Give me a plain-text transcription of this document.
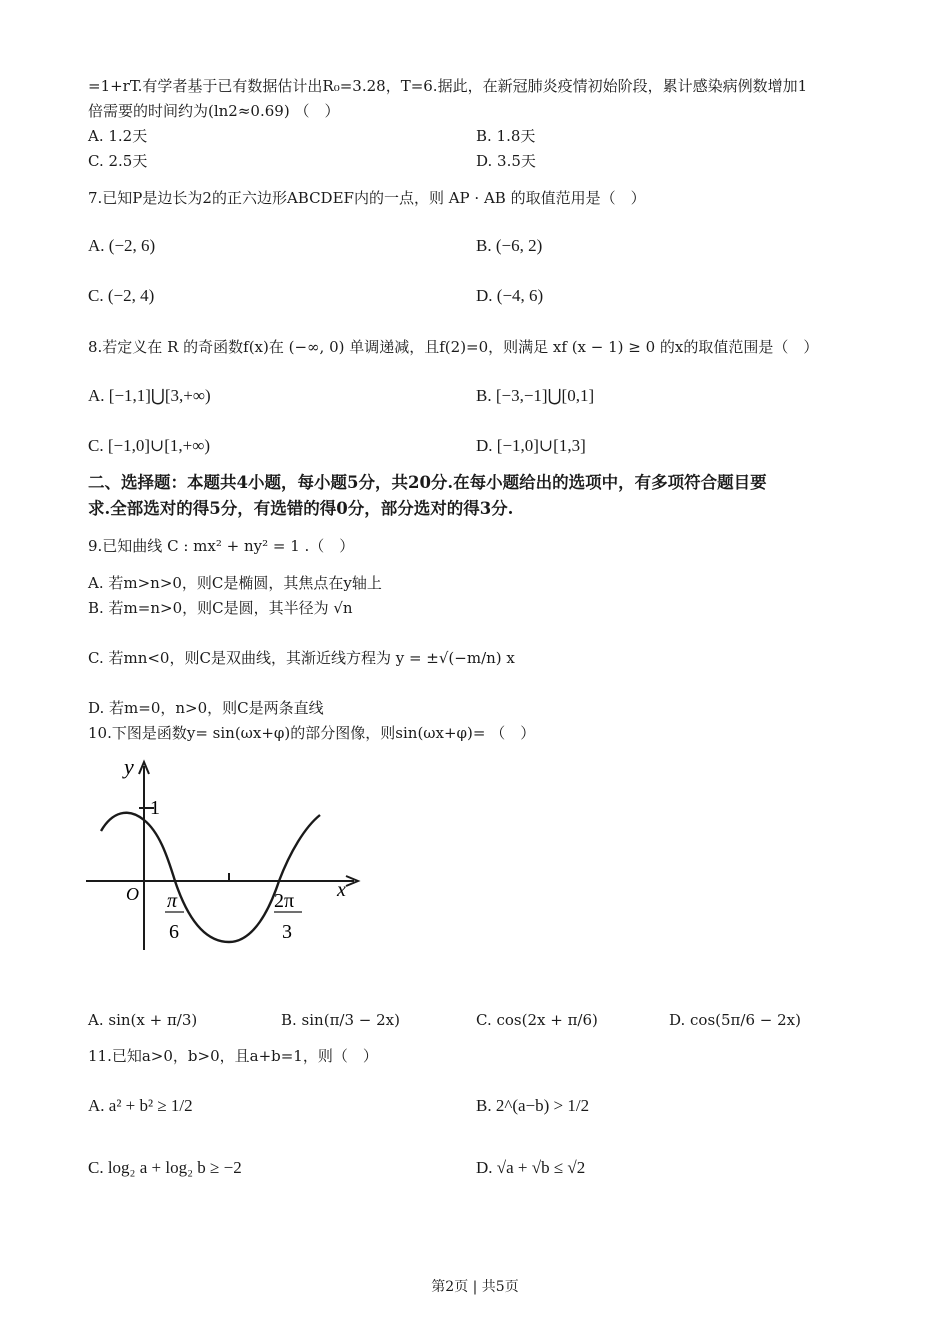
=1+rT.有学者基于已有数据估计出R₀=3.28，T=6.据此，在新冠肺炎疫情初始阶段，累计感染病例数增加1
倍需要的时间约为(ln2≈0.69) （　）
A. 1.2天	B. 1.8天
C. 2.5天	D. 3.5天
7.已知P是边长为2的正六边形ABCDEF内的一点，则 AP · AB 的取值范用是（　）
A. (−2, 6)	B. (−6, 2)
C. (−2, 4)	D. (−4, 6)
8.若定义在 R 的奇函数f(x)在 (−∞, 0) 单调递减，且f(2)=0，则满足 xf (x − 1) ≥ 0 的x的取值范围是（　）
A. [−1,1]⋃[3,+∞)	B. [−3,−1]⋃[0,1]
C. [−1,0]∪[1,+∞)	D. [−1,0]∪[1,3]
二、选择题：本题共4小题，每小题5分，共20分.在每小题给出的选项中，有多项符合题目要
求.全部选对的得5分，有选错的得0分，部分选对的得3分.
9.已知曲线 C : mx² + ny² = 1 .（　）
A. 若m>n>0，则C是椭圆，其焦点在y轴上
B. 若m=n>0，则C是圆，其半径为 √n
C. 若mn<0，则C是双曲线，其渐近线方程为 y = ±√(−m/n) x
D. 若m=0，n>0，则C是两条直线
10.下图是函数y= sin(ωx+φ)的部分图像，则sin(ωx+φ)= （　）
y
1
O	x
π
6
2π
3
A. sin(x + π/3)	B. sin(π/3 − 2x)	C. cos(2x + π/6)	D. cos(5π/6 − 2x)
11.已知a>0，b>0，且a+b=1，则（　）
A. a² + b² ≥ 1/2	B. 2^(a−b) > 1/2
C. log₂ a + log₂ b ≥ −2	D. √a + √b ≤ √2
第2页 | 共5页
